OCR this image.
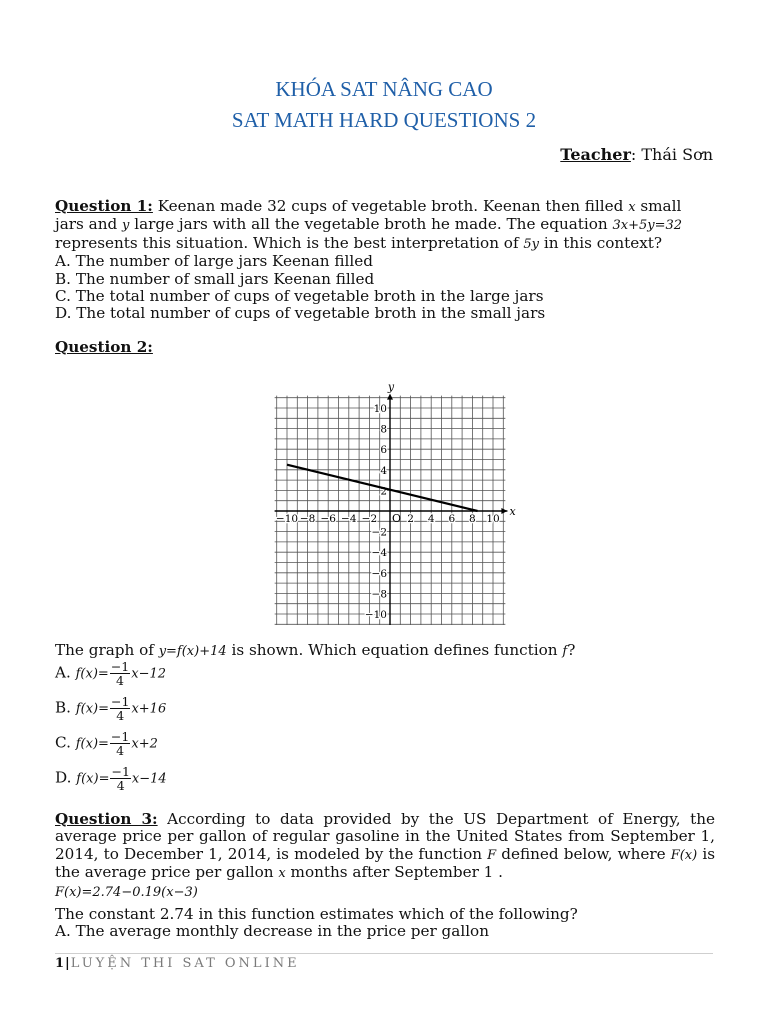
KHÓA SAT NÂNG CAO
SAT MATH HARD QUESTIONS 2
Teacher: Thái Sơn
Question 1: Keenan made 32 cups of vegetable broth. Keenan then filled x small
jars and y large jars with all the vegetable broth he made. The equation 3x+5y=32
represents this situation. Which is the best interpretation of 5y in this context?
A. The number of large jars Keenan filled
B. The number of small jars Keenan filled
C. The total number of cups of vegetable broth in the large jars
D. The total number of cups of vegetable broth in the small jars
Question 2:
−10 −8 −6 −4 −2	2 4 6 8 10
10
8
6
4
2
−2
−4
−6
−8
−10
O
x
y
The graph of y=f(x)+14 is shown. Which equation defines function f?
A. $f(x)= \frac{-1}{4} x-12$
B. $f(x)= \frac{-1}{4} x+16$
C. $f(x)= \frac{-1}{4} x+2$
D. $f(x)= \frac{-1}{4} x-14$
Question 3: According to data provided by the US Department of Energy, the average price per gallon of regular gasoline in the United States from September 1, 2014, to December 1, 2014, is modeled by the function F defined below, where F(x) is the average price per gallon x months after September 1 .
F(x)=2.74−0.19(x−3)
The constant 2.74 in this function estimates which of the following?
A. The average monthly decrease in the price per gallon
1|LUYỆN THI SAT ONLINE
